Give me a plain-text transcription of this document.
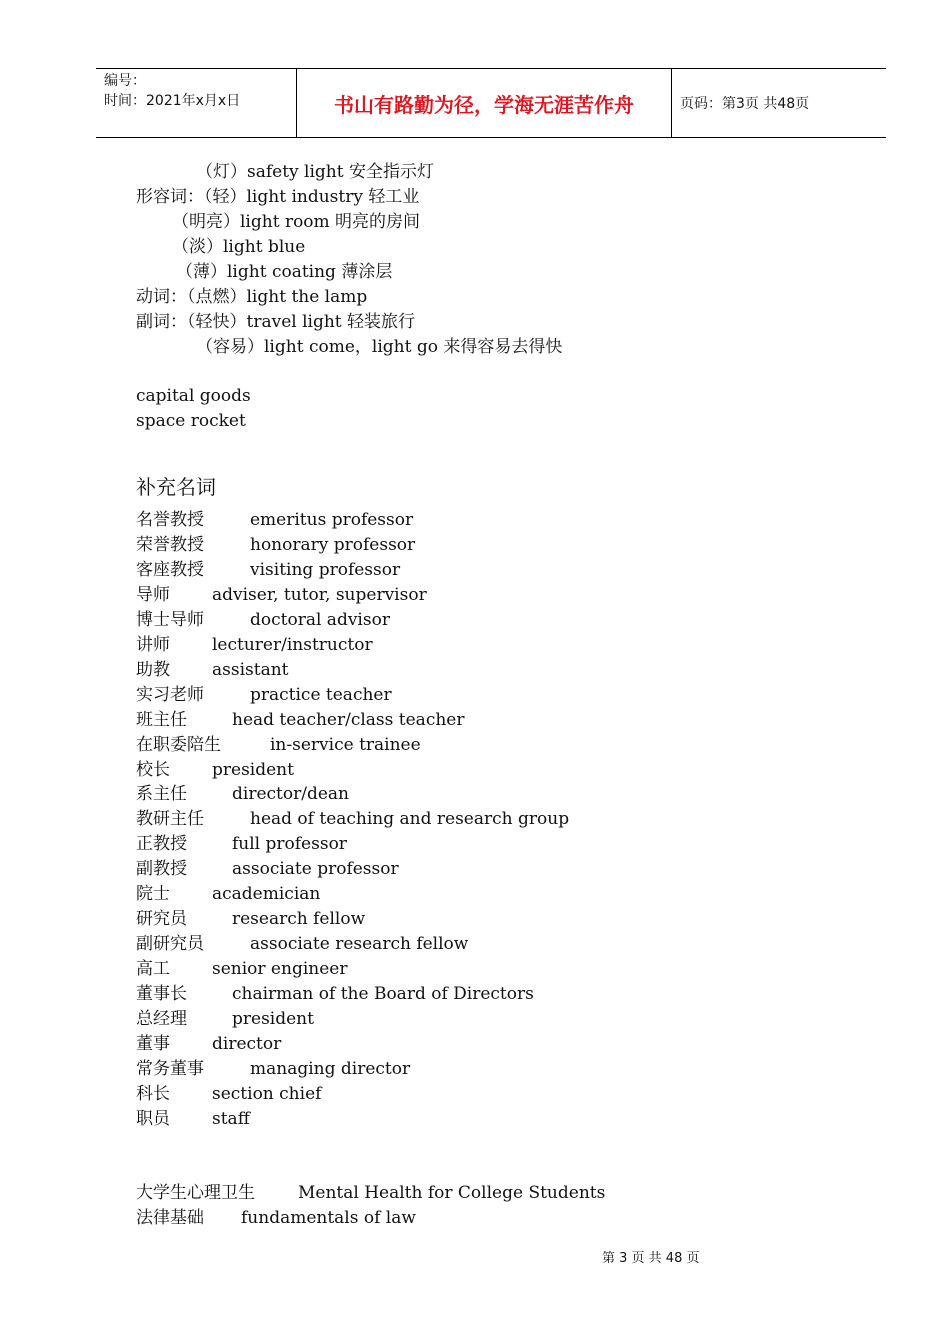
编号：
时间：2021年x月x日	书山有路勤为径，学海无涯苦作舟	页码：第3页 共48页
（灯）safety light 安全指示灯
形容词：（轻）light industry 轻工业
（明亮）light room 明亮的房间
（淡）light blue
（薄）light coating 薄涂层
动词：（点燃）light the lamp
副词：（轻快）travel light 轻装旅行
（容易）light come，light go 来得容易去得快
capital goods
space rocket
补充名词
名誉教授	emeritus professor
荣誉教授	honorary professor
客座教授	visiting professor
导师 adviser, tutor, supervisor
博士导师	doctoral advisor
讲师 lecturer/instructor
助教 assistant
实习老师	practice teacher
班主任	head teacher/class teacher
在职委陪生	in-service trainee
校长 president
系主任	director/dean
教研主任	head of teaching and research group
正教授	full professor
副教授	associate professor
院士 academician
研究员	research fellow
副研究员	associate research fellow
高工 senior engineer
董事长	chairman of the Board of Directors
总经理	president
董事 director
常务董事	managing director
科长 section chief
职员 staff
大学生心理卫生	Mental Health for College Students
法律基础 fundamentals of law
第 3 页 共 48 页
